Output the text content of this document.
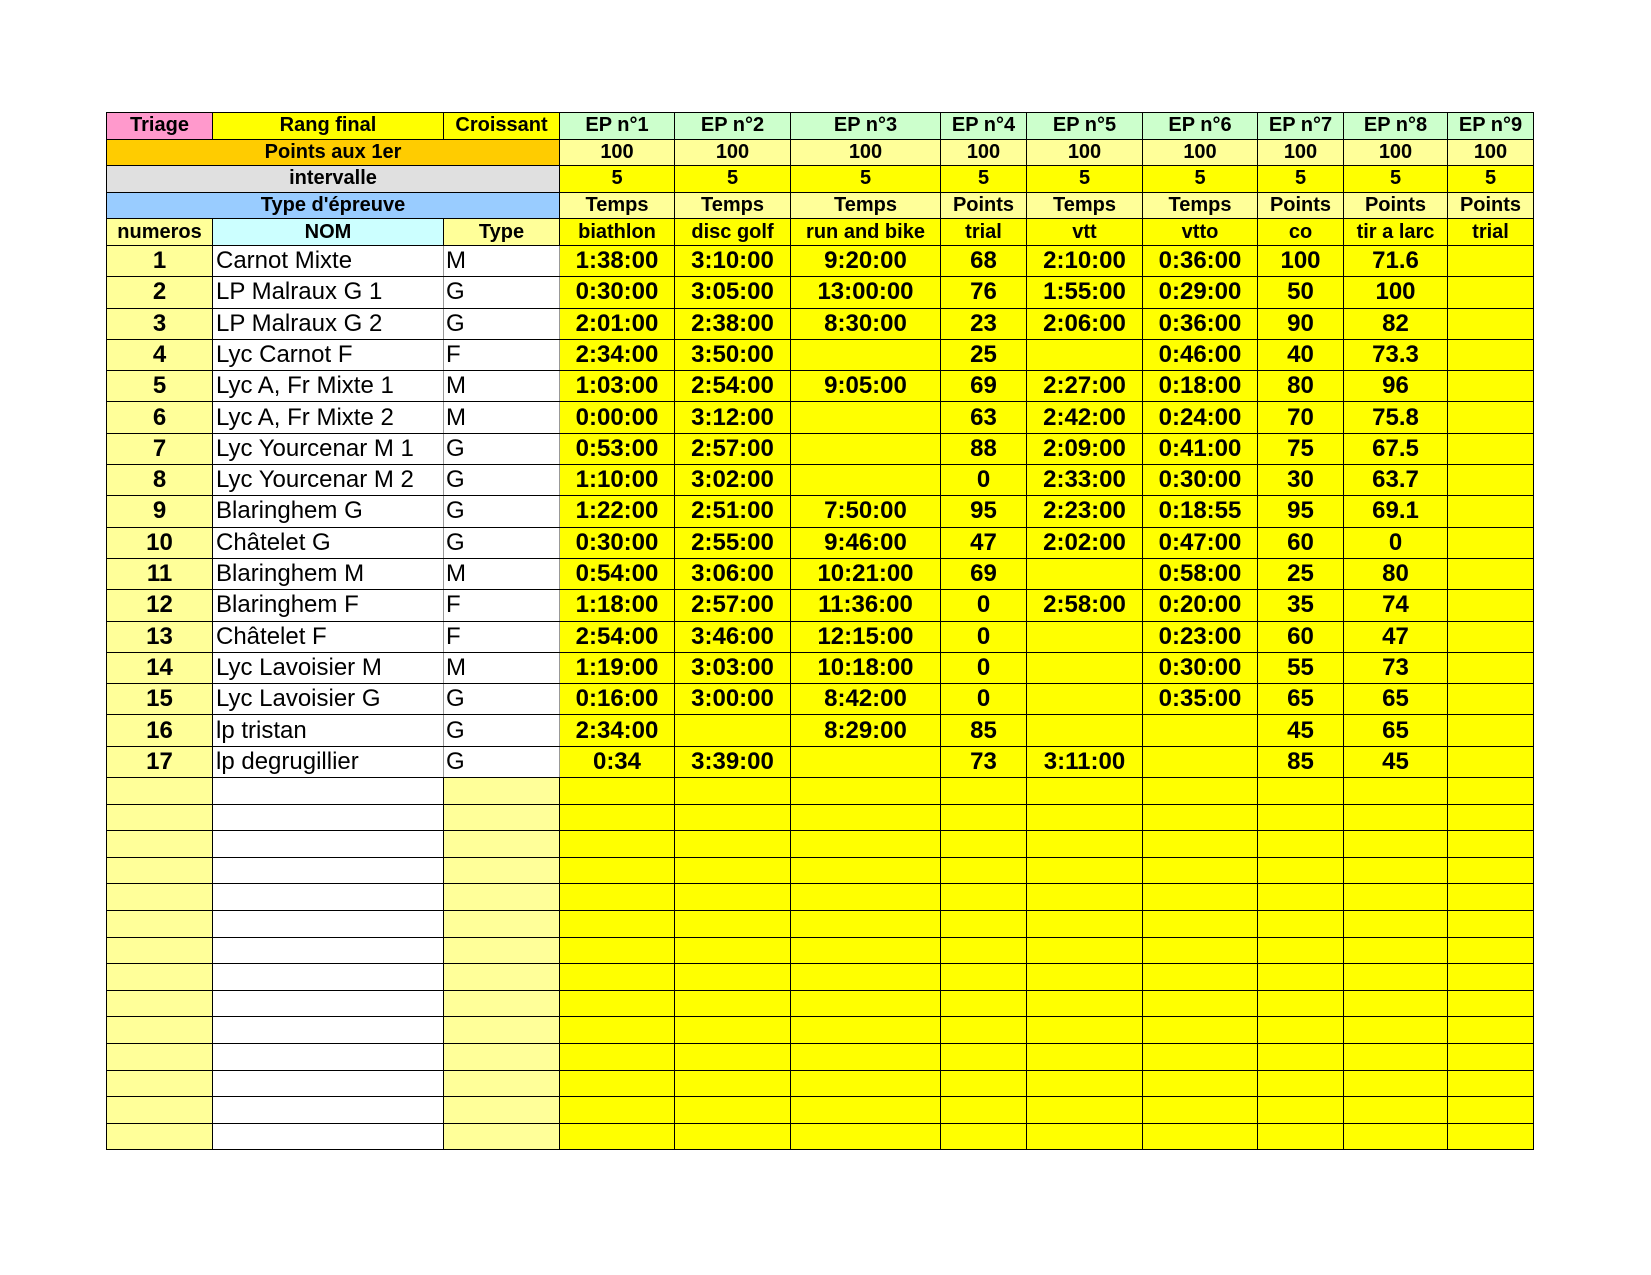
Triage	Rang final	Croissant	EP n°1	EP n°2	EP n°3	EP n°4	EP n°5	EP n°6	EP n°7	EP n°8	EP n°9
Points aux 1er			100	100	100	100	100	100	100	100	100
intervalle			5	5	5	5	5	5	5	5	5
Type d'épreuve			Temps	Temps	Temps	Points	Temps	Temps	Points	Points	Points
numeros	NOM	Type	biathlon	disc golf	run and bike	trial	vtt	vtto	co	tir a larc	trial
1	Carnot Mixte	M	1:38:00	3:10:00	9:20:00	68	2:10:00	0:36:00	100	71.6	
2	LP Malraux G 1	G	0:30:00	3:05:00	13:00:00	76	1:55:00	0:29:00	50	100	
3	LP Malraux G 2	G	2:01:00	2:38:00	8:30:00	23	2:06:00	0:36:00	90	82	
4	Lyc Carnot F	F	2:34:00	3:50:00		25		0:46:00	40	73.3	
5	Lyc A, Fr Mixte 1	M	1:03:00	2:54:00	9:05:00	69	2:27:00	0:18:00	80	96	
6	Lyc A, Fr Mixte 2	M	0:00:00	3:12:00		63	2:42:00	0:24:00	70	75.8	
7	Lyc Yourcenar M 1	G	0:53:00	2:57:00		88	2:09:00	0:41:00	75	67.5	
8	Lyc Yourcenar M 2	G	1:10:00	3:02:00		0	2:33:00	0:30:00	30	63.7	
9	Blaringhem G	G	1:22:00	2:51:00	7:50:00	95	2:23:00	0:18:55	95	69.1	
10	Châtelet G	G	0:30:00	2:55:00	9:46:00	47	2:02:00	0:47:00	60	0	
11	Blaringhem M	M	0:54:00	3:06:00	10:21:00	69		0:58:00	25	80	
12	Blaringhem F	F	1:18:00	2:57:00	11:36:00	0	2:58:00	0:20:00	35	74	
13	Châtelet F	F	2:54:00	3:46:00	12:15:00	0		0:23:00	60	47	
14	Lyc Lavoisier M	M	1:19:00	3:03:00	10:18:00	0		0:30:00	55	73	
15	Lyc Lavoisier G	G	0:16:00	3:00:00	8:42:00	0		0:35:00	65	65	
16	lp tristan	G	2:34:00		8:29:00	85			45	65	
17	lp degrugillier	G	0:34	3:39:00		73	3:11:00		85	45	
